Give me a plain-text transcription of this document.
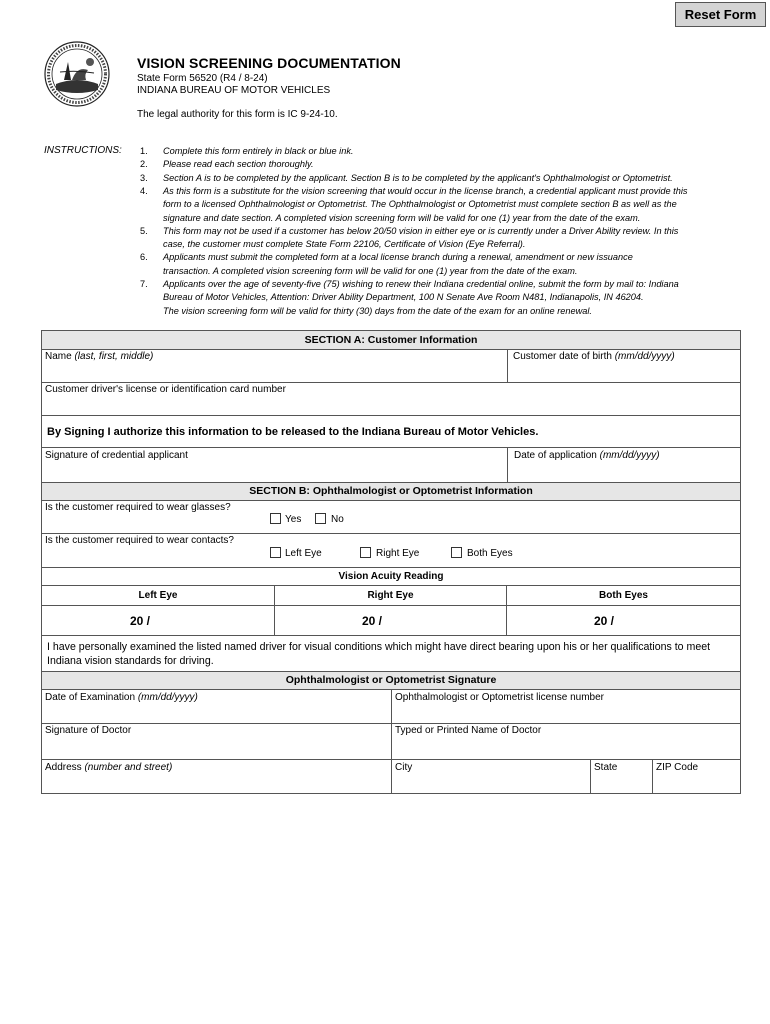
Reset Form
VISION SCREENING DOCUMENTATION
State Form 56520 (R4 / 8-24)
INDIANA BUREAU OF MOTOR VEHICLES
The legal authority for this form is IC 9-24-10.
INSTRUCTIONS: 1. Complete this form entirely in black or blue ink.
2. Please read each section thoroughly.
3. Section A is to be completed by the applicant. Section B is to be completed by the applicant's Ophthalmologist or Optometrist.
4. As this form is a substitute for the vision screening that would occur in the license branch, a credential applicant must provide this
form to a licensed Ophthalmologist or Optometrist. The Ophthalmologist or Optometrist must complete section B as well as the
signature and date section. A completed vision screening form will be valid for one (1) year from the date of the exam.
5. This form may not be used if a customer has below 20/50 vision in either eye or is currently under a Driver Ability review. In this
case, the customer must complete State Form 22106, Certificate of Vision (Eye Referral).
6. Applicants must submit the completed form at a local license branch during a renewal, amendment or new issuance
transaction. A completed vision screening form will be valid for one (1) year from the date of the exam.
7. Applicants over the age of seventy-five (75) wishing to renew their Indiana credential online, submit the form by mail to: Indiana
Bureau of Motor Vehicles, Attention: Driver Ability Department, 100 N Senate Ave Room N481, Indianapolis, IN 46204.
The vision screening form will be valid for thirty (30) days from the date of the exam for an online renewal.
SECTION A: Customer Information
Name (last, first, middle)	Customer date of birth (mm/dd/yyyy)
Customer driver's license or identification card number
By Signing I authorize this information to be released to the Indiana Bureau of Motor Vehicles.
Signature of credential applicant	Date of application (mm/dd/yyyy)
SECTION B: Ophthalmologist or Optometrist Information
Is the customer required to wear glasses?
Yes	No
Is the customer required to wear contacts?
Left Eye	Right Eye	Both Eyes
Vision Acuity Reading
Left Eye	Right Eye	Both Eyes
20 /	20 /	20 /
I have personally examined the listed named driver for visual conditions which might have direct bearing upon his or her qualifications to meet Indiana vision standards for driving.
Ophthalmologist or Optometrist Signature
Date of Examination (mm/dd/yyyy)	Ophthalmologist or Optometrist license number
Signature of Doctor	Typed or Printed Name of Doctor
Address (number and street)	City	State	ZIP Code
